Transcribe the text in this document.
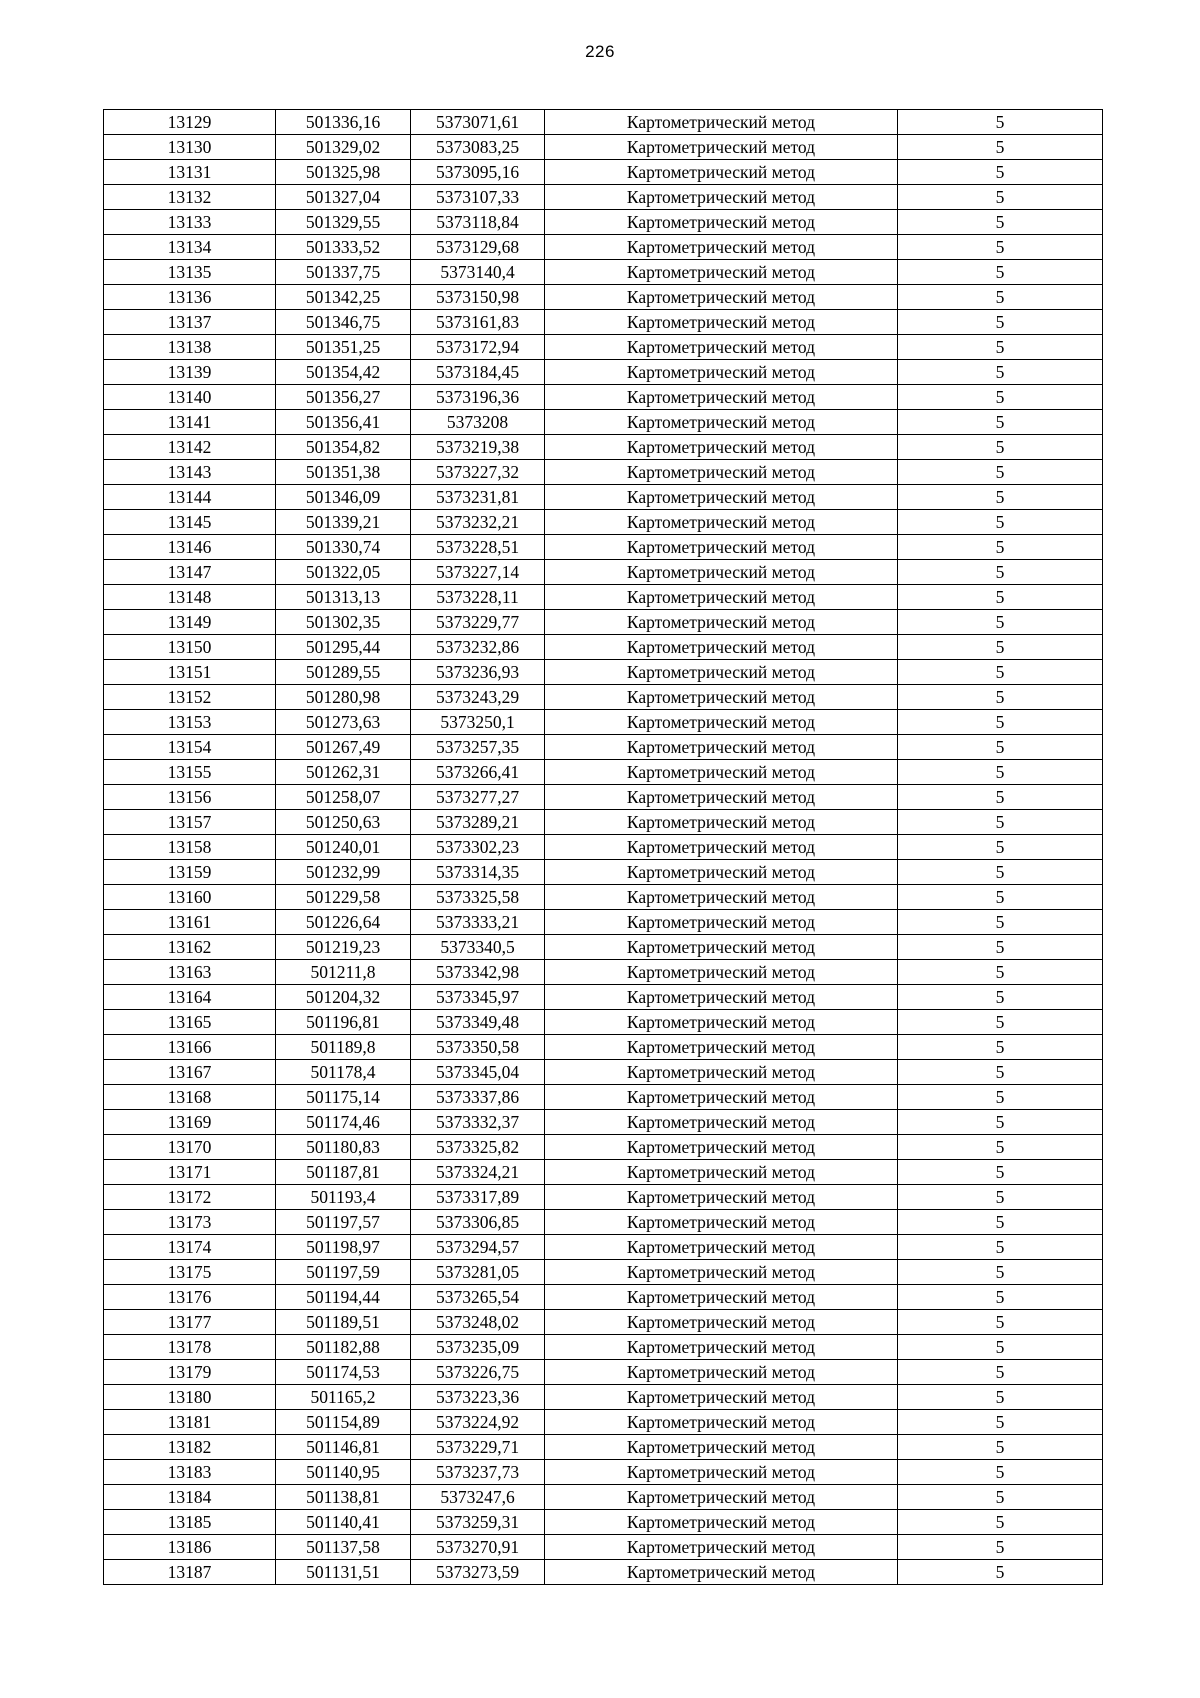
226
13129	501336,16	5373071,61	Картометрический метод	5
13130	501329,02	5373083,25	Картометрический метод	5
13131	501325,98	5373095,16	Картометрический метод	5
13132	501327,04	5373107,33	Картометрический метод	5
13133	501329,55	5373118,84	Картометрический метод	5
13134	501333,52	5373129,68	Картометрический метод	5
13135	501337,75	5373140,4	Картометрический метод	5
13136	501342,25	5373150,98	Картометрический метод	5
13137	501346,75	5373161,83	Картометрический метод	5
13138	501351,25	5373172,94	Картометрический метод	5
13139	501354,42	5373184,45	Картометрический метод	5
13140	501356,27	5373196,36	Картометрический метод	5
13141	501356,41	5373208	Картометрический метод	5
13142	501354,82	5373219,38	Картометрический метод	5
13143	501351,38	5373227,32	Картометрический метод	5
13144	501346,09	5373231,81	Картометрический метод	5
13145	501339,21	5373232,21	Картометрический метод	5
13146	501330,74	5373228,51	Картометрический метод	5
13147	501322,05	5373227,14	Картометрический метод	5
13148	501313,13	5373228,11	Картометрический метод	5
13149	501302,35	5373229,77	Картометрический метод	5
13150	501295,44	5373232,86	Картометрический метод	5
13151	501289,55	5373236,93	Картометрический метод	5
13152	501280,98	5373243,29	Картометрический метод	5
13153	501273,63	5373250,1	Картометрический метод	5
13154	501267,49	5373257,35	Картометрический метод	5
13155	501262,31	5373266,41	Картометрический метод	5
13156	501258,07	5373277,27	Картометрический метод	5
13157	501250,63	5373289,21	Картометрический метод	5
13158	501240,01	5373302,23	Картометрический метод	5
13159	501232,99	5373314,35	Картометрический метод	5
13160	501229,58	5373325,58	Картометрический метод	5
13161	501226,64	5373333,21	Картометрический метод	5
13162	501219,23	5373340,5	Картометрический метод	5
13163	501211,8	5373342,98	Картометрический метод	5
13164	501204,32	5373345,97	Картометрический метод	5
13165	501196,81	5373349,48	Картометрический метод	5
13166	501189,8	5373350,58	Картометрический метод	5
13167	501178,4	5373345,04	Картометрический метод	5
13168	501175,14	5373337,86	Картометрический метод	5
13169	501174,46	5373332,37	Картометрический метод	5
13170	501180,83	5373325,82	Картометрический метод	5
13171	501187,81	5373324,21	Картометрический метод	5
13172	501193,4	5373317,89	Картометрический метод	5
13173	501197,57	5373306,85	Картометрический метод	5
13174	501198,97	5373294,57	Картометрический метод	5
13175	501197,59	5373281,05	Картометрический метод	5
13176	501194,44	5373265,54	Картометрический метод	5
13177	501189,51	5373248,02	Картометрический метод	5
13178	501182,88	5373235,09	Картометрический метод	5
13179	501174,53	5373226,75	Картометрический метод	5
13180	501165,2	5373223,36	Картометрический метод	5
13181	501154,89	5373224,92	Картометрический метод	5
13182	501146,81	5373229,71	Картометрический метод	5
13183	501140,95	5373237,73	Картометрический метод	5
13184	501138,81	5373247,6	Картометрический метод	5
13185	501140,41	5373259,31	Картометрический метод	5
13186	501137,58	5373270,91	Картометрический метод	5
13187	501131,51	5373273,59	Картометрический метод	5
